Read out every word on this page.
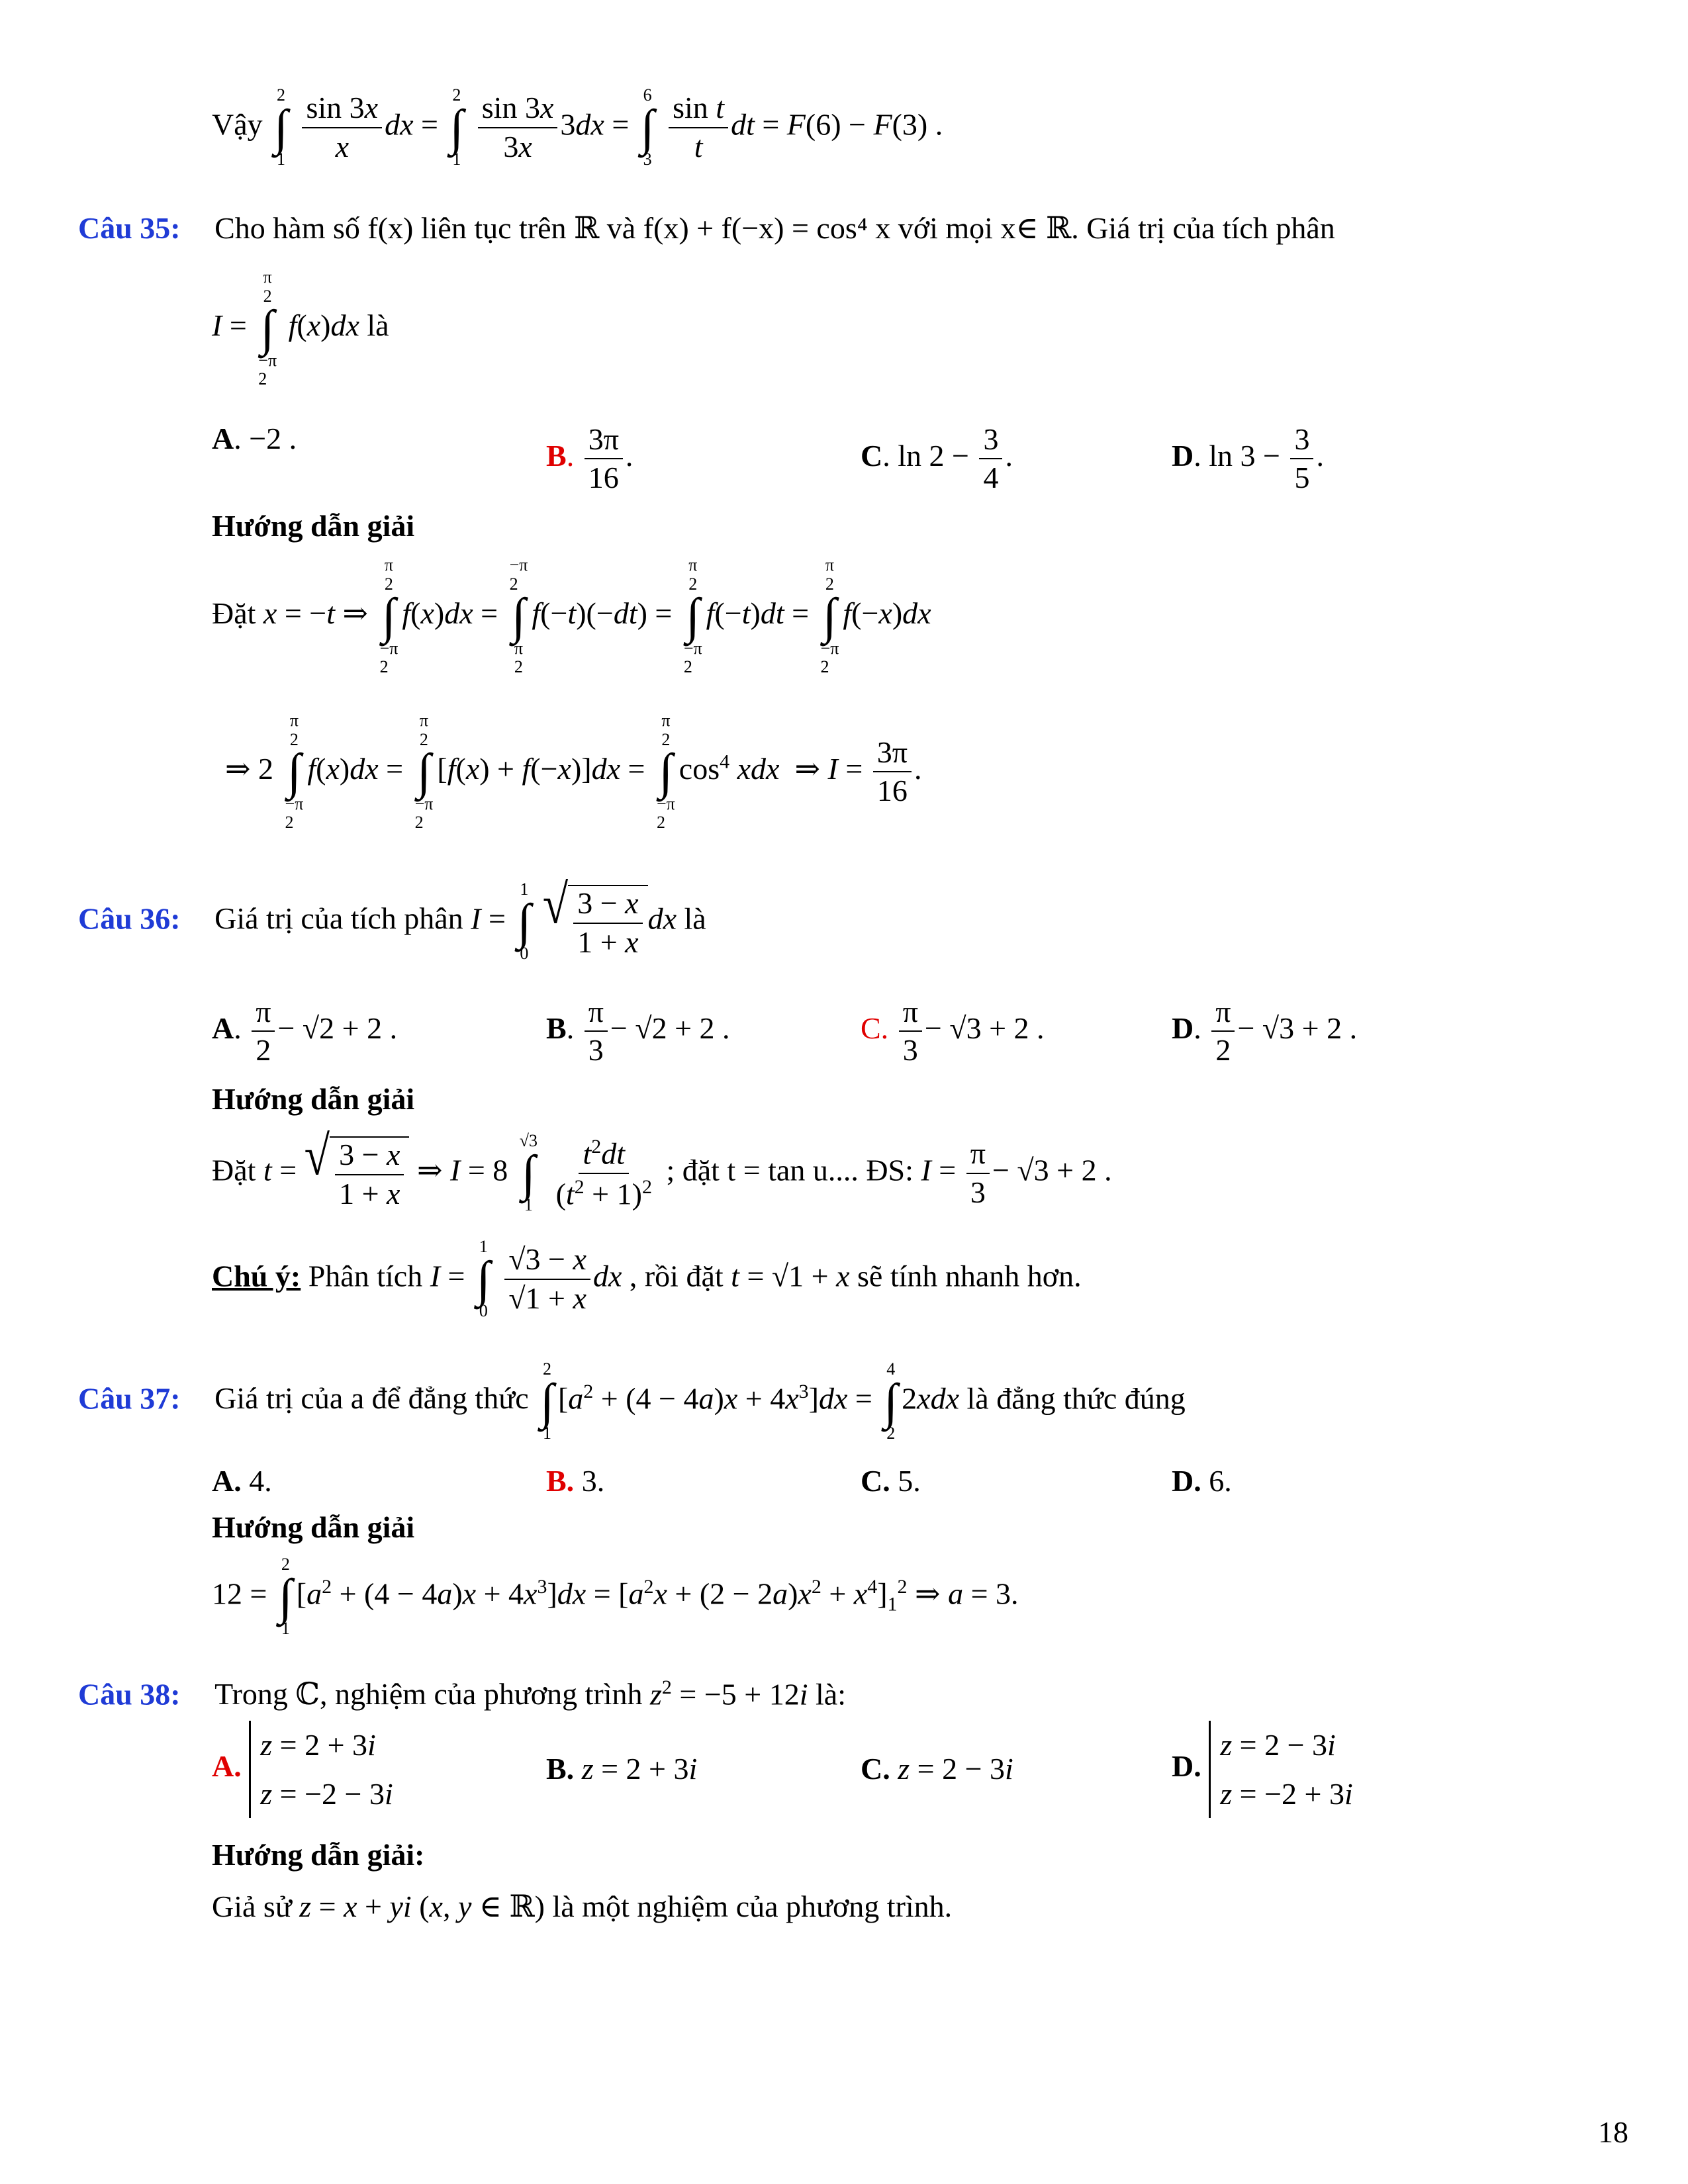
Vậy
2
∫
1
$\frac{\sin 3x}{x}$ dx =
2
∫
1
$\frac{\sin 3x}{3x} 3dx$ =
6
∫
3
$\frac{\text{sin t}}{t}$ dt = F(6) − F(3) .
Câu 35: Cho hàm số f(x) liên tục trên ℝ và f(x) + f(−x) = cos⁴ x với mọi x∈ ℝ. Giá trị của tích phân
I =
π
2
∫
−π
2
f(x)dx là
A. −2 .
B. $\frac{3\pi}{16}$ .	C. $\ln 2 - \frac{3}{4}$ .	D. $\ln 3 - \frac{3}{5}$ .
Hướng dẫn giải
Đặt x = −t ⇒
π
2
∫
−π
2
f(x)dx =
−π
2
∫
π
2
f(−t)(−dt) =
π
2
∫
−π
2
f(−t)dt =
π
2
∫
−π
2
f(−x)dx
⇒ 2
π
2
∫
−π
2
f(x)dx =
π
2
∫
−π
2
[f(x) + f(−x)]dx =
π
2
∫
−π
2
$\cos^4$ xdx  ⇒ $I = \frac{3\pi}{16}$ .
Câu 36: Giá trị của tích phân I =
1
∫
0

√ $\frac{3 - x}{1 + x}$ dx là
A. $\frac{\pi}{2} - √2 + 2$ .	B. $\frac{\pi}{3} - √2 + 2$ .	C. $\frac{\pi}{3} - √3 + 2$ .	D. $\frac{\pi}{2} - √3 + 2$ .
Hướng dẫn giải
Đặt t = √ $\frac{3 - x}{1 + x}$ ⇒ I = 8
√3
∫
1
$\frac{t^2dt}{(t^2 + 1)^2}$ ; đặt t = tan u.... ĐS: $I = \frac{\pi}{3} - √3 + 2$ .
Chú ý: Phân tích I =
1
∫
0
$\frac{√3 - x}{√1 + x}$ dx , rồi đặt t = √1 + x sẽ tính nhanh hơn.
Câu 37: Giá trị của a để đẳng thức
2
∫
1
$[a^2 + (4 - 4a)x + 4x^3]dx$ =
4
∫
2
2xdx là đẳng thức đúng
A. 4.	B. 3.	C. 5.	D. 6.
Hướng dẫn giải
12 =
2
∫
1
$[a^2 + (4 - 4a)x + 4x^3]dx = [a^2x + (2 - 2a)x^2 + x^4]_1^2$ ⇒ a = 3.
Câu 38: Trong ℂ, nghiệm của phương trình $z^2 = -5 + 12i$ là:
A.
z = 2 + 3i
z = −2 − 3i
B. z = 2 + 3i	C. z = 2 − 3i	D.
z = 2 − 3i
z = −2 + 3i
Hướng dẫn giải:
Giả sử z = x + yi (x, y ∈ ℝ) là một nghiệm của phương trình.
18
